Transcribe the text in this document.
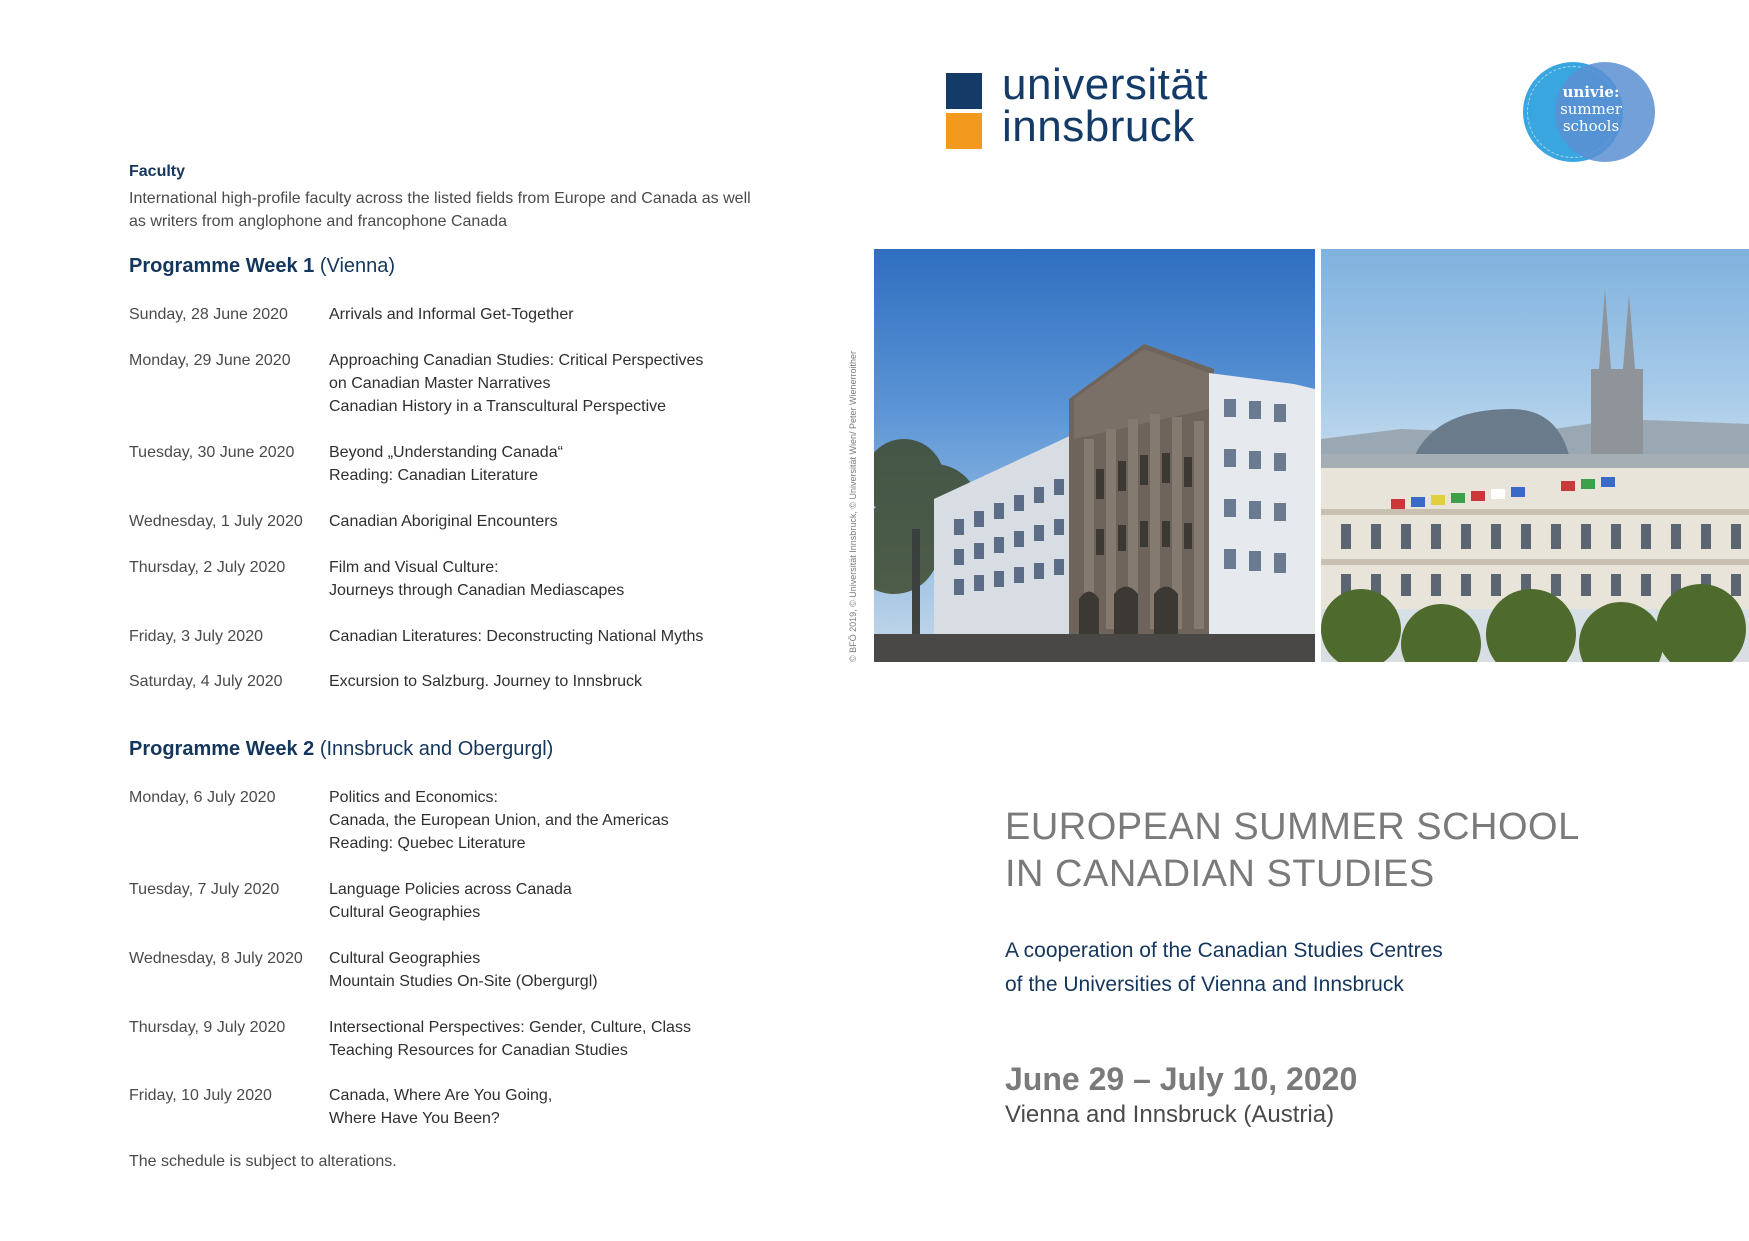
Faculty
International high-profile faculty across the listed fields from Europe and Canada as well as writers from anglophone and francophone Canada
Programme Week 1 (Vienna)
Sunday, 28 June 2020	Arrivals and Informal Get-Together
Monday, 29 June 2020	Approaching Canadian Studies: Critical Perspectives
on Canadian Master Narratives
Canadian History in a Transcultural Perspective
Tuesday, 30 June 2020	Beyond „Understanding Canada“
Reading: Canadian Literature
Wednesday, 1 July 2020	Canadian Aboriginal Encounters
Thursday, 2 July 2020	Film and Visual Culture:
Journeys through Canadian Mediascapes
Friday, 3 July 2020	Canadian Literatures: Deconstructing National Myths
Saturday, 4 July 2020	Excursion to Salzburg. Journey to Innsbruck
Programme Week 2 (Innsbruck and Obergurgl)
Monday, 6 July 2020	Politics and Economics:
Canada, the European Union, and the Americas
Reading: Quebec Literature
Tuesday, 7 July 2020	Language Policies across Canada
Cultural Geographies
Wednesday, 8 July 2020	Cultural Geographies
Mountain Studies On-Site (Obergurgl)
Thursday, 9 July 2020	Intersectional Perspectives: Gender, Culture, Class
Teaching Resources for Canadian Studies
Friday, 10 July 2020	Canada, Where Are You Going,
Where Have You Been?
The schedule is subject to alterations.
universität
innsbruck
univie:
summer
schools
© BFÖ 2019, © Universität Innsbruck, © Universität Wien/ Peter Wienerroither
EUROPEAN SUMMER SCHOOL
IN CANADIAN STUDIES
A cooperation of the Canadian Studies Centres
of the Universities of Vienna and Innsbruck
June 29 – July 10, 2020
Vienna and Innsbruck (Austria)
